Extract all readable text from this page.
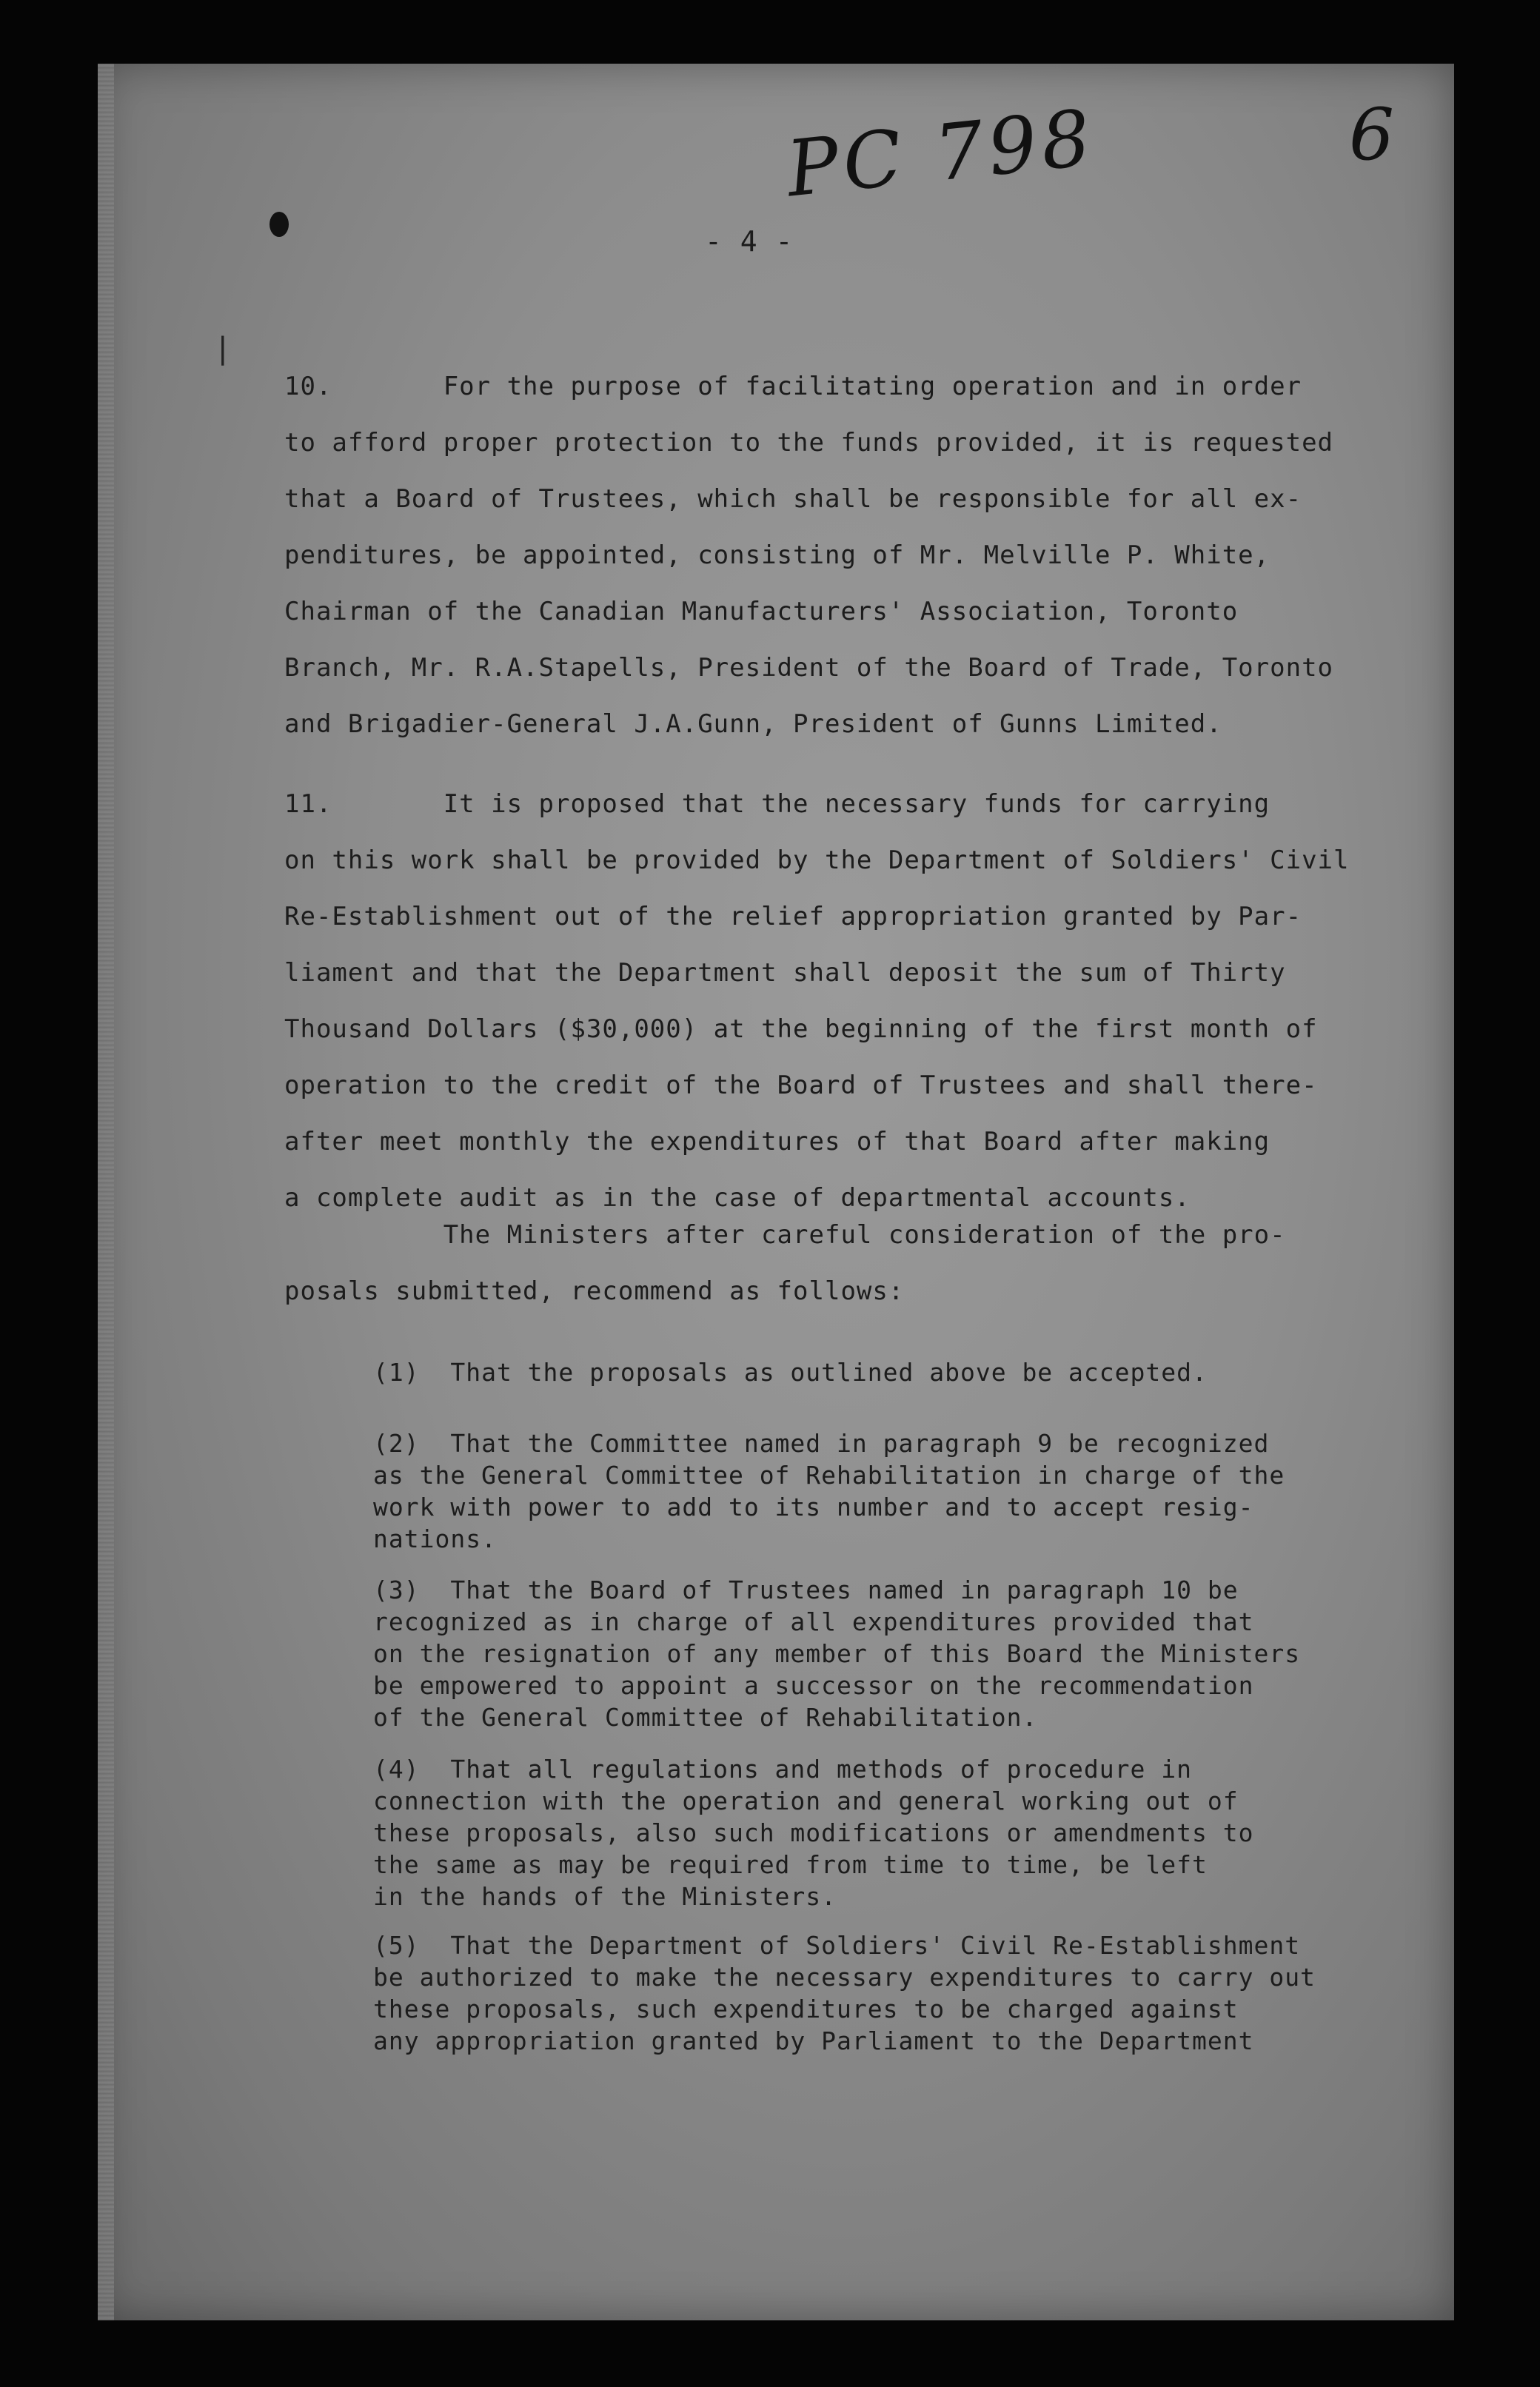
PC 798	6
|
- 4 -
10.       For the purpose of facilitating operation and in order
to afford proper protection to the funds provided, it is requested
that a Board of Trustees, which shall be responsible for all ex-
penditures, be appointed, consisting of Mr. Melville P. White,
Chairman of the Canadian Manufacturers' Association, Toronto
Branch, Mr. R.A.Stapells, President of the Board of Trade, Toronto
and Brigadier-General J.A.Gunn, President of Gunns Limited.
11.       It is proposed that the necessary funds for carrying
on this work shall be provided by the Department of Soldiers' Civil
Re-Establishment out of the relief appropriation granted by Par-
liament and that the Department shall deposit the sum of Thirty
Thousand Dollars ($30,000) at the beginning of the first month of
operation to the credit of the Board of Trustees and shall there-
after meet monthly the expenditures of that Board after making
a complete audit as in the case of departmental accounts.
The Ministers after careful consideration of the pro-
posals submitted, recommend as follows:
(1)  That the proposals as outlined above be accepted.
(2)  That the Committee named in paragraph 9 be recognized
as the General Committee of Rehabilitation in charge of the
work with power to add to its number and to accept resig-
nations.
(3)  That the Board of Trustees named in paragraph 10 be
recognized as in charge of all expenditures provided that
on the resignation of any member of this Board the Ministers
be empowered to appoint a successor on the recommendation
of the General Committee of Rehabilitation.
(4)  That all regulations and methods of procedure in
connection with the operation and general working out of
these proposals, also such modifications or amendments to
the same as may be required from time to time, be left
in the hands of the Ministers.
(5)  That the Department of Soldiers' Civil Re-Establishment
be authorized to make the necessary expenditures to carry out
these proposals, such expenditures to be charged against
any appropriation granted by Parliament to the Department
